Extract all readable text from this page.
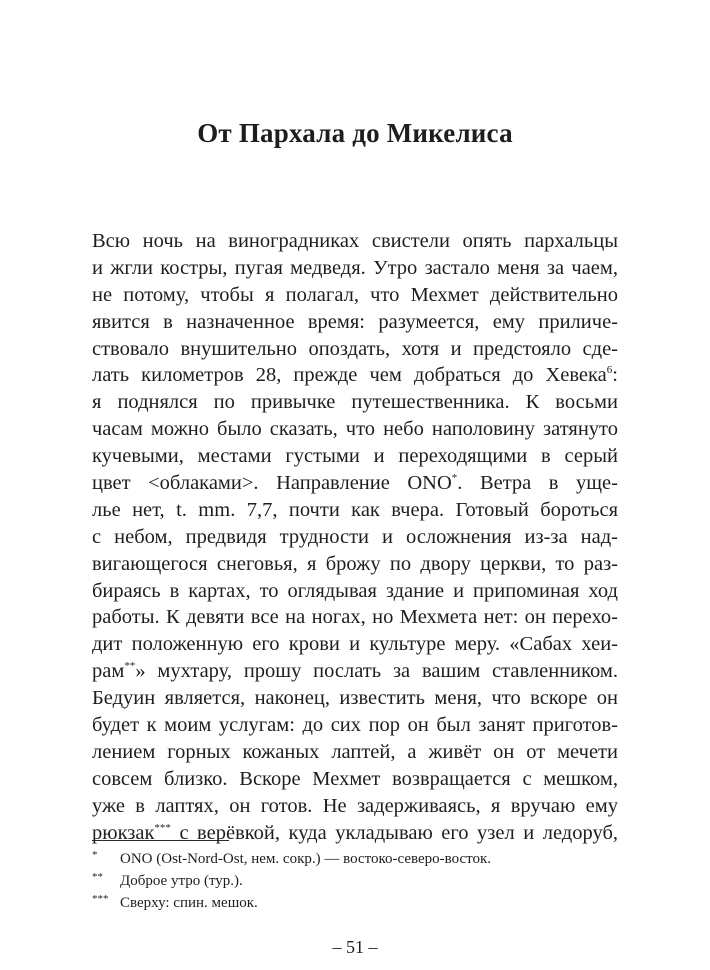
От Пархала до Микелиса
Всю ночь на виноградниках свистели опять пархальцы
и жгли костры, пугая медведя. Утро застало меня за чаем,
не потому, чтобы я полагал, что Мехмет действительно
явится в назначенное время: разумеется, ему приличе-
ствовало внушительно опоздать, хотя и предстояло сде-
лать километров 28, прежде чем добраться до Хевека$^6$:
я поднялся по привычке путешественника. К восьми
часам можно было сказать, что небо наполовину затянуто
кучевыми, местами густыми и переходящими в серый
цвет <облаками>. Направление ONO*. Ветра в уще-
лье нет, t. mm. 7,7, почти как вчера. Готовый бороться
с небом, предвидя трудности и осложнения из-за над-
вигающегося снеговья, я брожу по двору церкви, то раз-
бираясь в картах, то оглядывая здание и припоминая ход
работы. К девяти все на ногах, но Мехмета нет: он перехо-
дит положенную его крови и культуре меру. «Сабах хеи-
рам**» мухтару, прошу послать за вашим ставленником.
Бедуин является, наконец, известить меня, что вскоре он
будет к моим услугам: до сих пор он был занят приготов-
лением горных кожаных лаптей, а живёт он от мечети
совсем близко. Вскоре Мехмет возвращается с мешком,
уже в лаптях, он готов. Не задерживаясь, я вручаю ему
рюкзак*** с верёвкой, куда укладываю его узел и ледоруб,
* ONO (Ost-Nord-Ost, нем. сокр.) — востоко-северо-восток.
** Доброе утро (тур.).
*** Сверху: спин. мешок.
– 51 –
